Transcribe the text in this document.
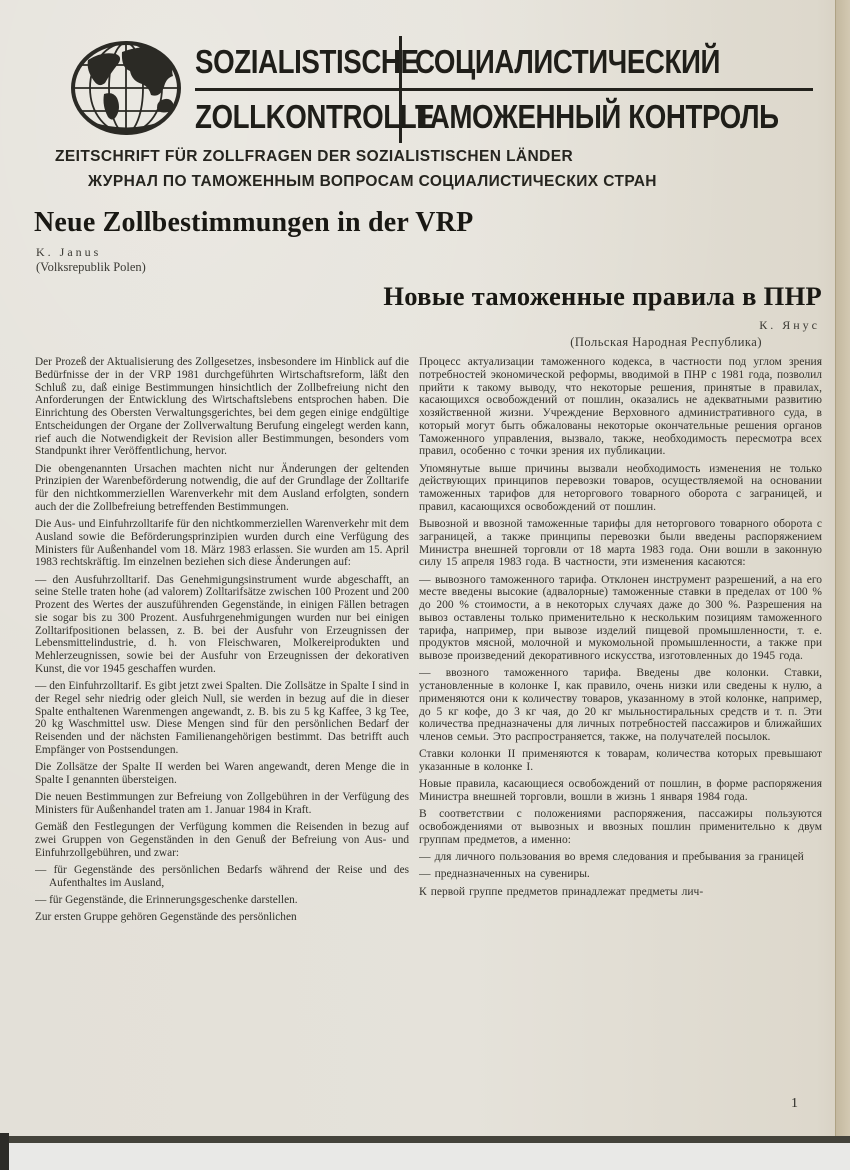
SOZIALISTISCHE
СОЦИАЛИСТИЧЕСКИЙ
ZOLLKONTROLLE
ТАМОЖЕННЫЙ КОНТРОЛЬ
ZEITSCHRIFT FÜR ZOLLFRAGEN DER SOZIALISTISCHEN LÄNDER
ЖУРНАЛ ПО ТАМОЖЕННЫМ ВОПРОСАМ СОЦИАЛИСТИЧЕСКИХ СТРАН
Neue Zollbestimmungen in der VRP
K. Janus
(Volksrepublik Polen)
Новые таможенные правила в ПНР
К. Янус
(Польская Народная Республика)

Der Prozeß der Aktualisierung des Zollgesetzes, insbesondere im Hinblick auf die Bedürfnisse der in der VRP 1981 durchgeführten Wirtschaftsreform, läßt den Schluß zu, daß einige Bestimmungen hinsichtlich der Zollbefreiung nicht den Anforderungen der Entwicklung des Wirtschaftslebens entsprochen haben. Die Einrichtung des Obersten Verwaltungsgerichtes, bei dem gegen einige endgültige Entscheidungen der Organe der Zollverwaltung Berufung eingelegt werden kann, rief auch die Notwendigkeit der Revision aller Bestimmungen, besonders vom Standpunkt ihrer Veröffentlichung, hervor.

Die obengenannten Ursachen machten nicht nur Änderungen der geltenden Prinzipien der Warenbeförderung notwendig, die auf der Grundlage der Zolltarife für den nichtkommerziellen Warenverkehr mit dem Ausland erfolgten, sondern auch der die Zollbefreiung betreffenden Bestimmungen.

Die Aus- und Einfuhrzolltarife für den nichtkommerziellen Warenverkehr mit dem Ausland sowie die Beförderungsprinzipien wurden durch eine Verfügung des Ministers für Außenhandel vom 18. März 1983 erlassen. Sie wurden am 15. April 1983 rechtskräftig. Im einzelnen beziehen sich diese Änderungen auf:

— den Ausfuhrzolltarif. Das Genehmigungsinstrument wurde abgeschafft, an seine Stelle traten hohe (ad valorem) Zolltarifsätze zwischen 100 Prozent und 200 Prozent des Wertes der auszuführenden Gegenstände, in einigen Fällen betragen sie sogar bis zu 300 Prozent. Ausfuhrgenehmigungen wurden nur bei einigen Zolltarifpositionen belassen, z. B. bei der Ausfuhr von Erzeugnissen der Lebensmittelindustrie, d. h. von Fleischwaren, Molkereiprodukten und Mehlerzeugnissen, sowie bei der Ausfuhr von Erzeugnissen der dekorativen Kunst, die vor 1945 geschaffen wurden.

— den Einfuhrzolltarif. Es gibt jetzt zwei Spalten. Die Zollsätze in Spalte I sind in der Regel sehr niedrig oder gleich Null, sie werden in bezug auf die in dieser Spalte enthaltenen Warenmengen angewandt, z. B. bis zu 5 kg Kaffee, 3 kg Tee, 20 kg Waschmittel usw. Diese Mengen sind für den persönlichen Bedarf der Reisenden und der nächsten Familienangehörigen bestimmt. Das betrifft auch Empfänger von Postsendungen.

Die Zollsätze der Spalte II werden bei Waren angewandt, deren Menge die in Spalte I genannten übersteigen.

Die neuen Bestimmungen zur Befreiung von Zollgebühren in der Verfügung des Ministers für Außenhandel traten am 1. Januar 1984 in Kraft.

Gemäß den Festlegungen der Verfügung kommen die Reisenden in bezug auf zwei Gruppen von Gegenständen in den Genuß der Befreiung von Aus- und Einfuhrzollgebühren, und zwar:

— für Gegenstände des persönlichen Bedarfs während der Reise und des Aufenthaltes im Ausland,

— für Gegenstände, die Erinnerungsgeschenke darstellen.

Zur ersten Gruppe gehören Gegenstände des persönlichen

Процесс актуализации таможенного кодекса, в частности под углом зрения потребностей экономической реформы, вводимой в ПНР с 1981 года, позволил прийти к такому выводу, что некоторые решения, принятые в правилах, касающихся освобождений от пошлин, оказались не адекватными развитию хозяйственной жизни. Учреждение Верховного административного суда, в который могут быть обжалованы некоторые окончательные решения органов Таможенного управления, вызвало, также, необходимость пересмотра всех правил, особенно с точки зрения их публикации.

Упомянутые выше причины вызвали необходимость изменения не только действующих принципов перевозки товаров, осуществляемой на основании таможенных тарифов для неторгового товарного оборота с заграницей, и правил, касающихся освобождений от пошлин.

Вывозной и ввозной таможенные тарифы для неторгового товарного оборота с заграницей, а также принципы перевозки были введены распоряжением Министра внешней торговли от 18 марта 1983 года. Они вошли в законную силу 15 апреля 1983 года. В частности, эти изменения касаются:

— вывозного таможенного тарифа. Отклонен инструмент разрешений, а на его месте введены высокие (адвалорные) таможенные ставки в пределах от 100 % до 200 % стоимости, а в некоторых случаях даже до 300 %. Разрешения на вывоз оставлены только применительно к нескольким позициям таможенного тарифа, например, при вывозе изделий пищевой промышленности, т. е. продуктов мясной, молочной и мукомольной промышленности, а также при вывозе произведений декоративного искусства, изготовленных до 1945 года.

— ввозного таможенного тарифа. Введены две колонки. Ставки, установленные в колонке I, как правило, очень низки или сведены к нулю, а применяются они к количеству товаров, указанному в этой колонке, например, до 5 кг кофе, до 3 кг чая, до 20 кг мыльностиральных средств и т. п. Эти количества предназначены для личных потребностей пассажиров и ближайших членов семьи. Это распространяется, также, на получателей посылок.

Ставки колонки II применяются к товарам, количества которых превышают указанные в колонке I.

Новые правила, касающиеся освобождений от пошлин, в форме распоряжения Министра внешней торговли, вошли в жизнь 1 января 1984 года.

В соответствии с положениями распоряжения, пассажиры пользуются освобождениями от вывозных и ввозных пошлин применительно к двум группам предметов, а именно:

— для личного пользования во время следования и пребывания за границей

— предназначенных на сувениры.

К первой группе предметов принадлежат предметы лич-

1
